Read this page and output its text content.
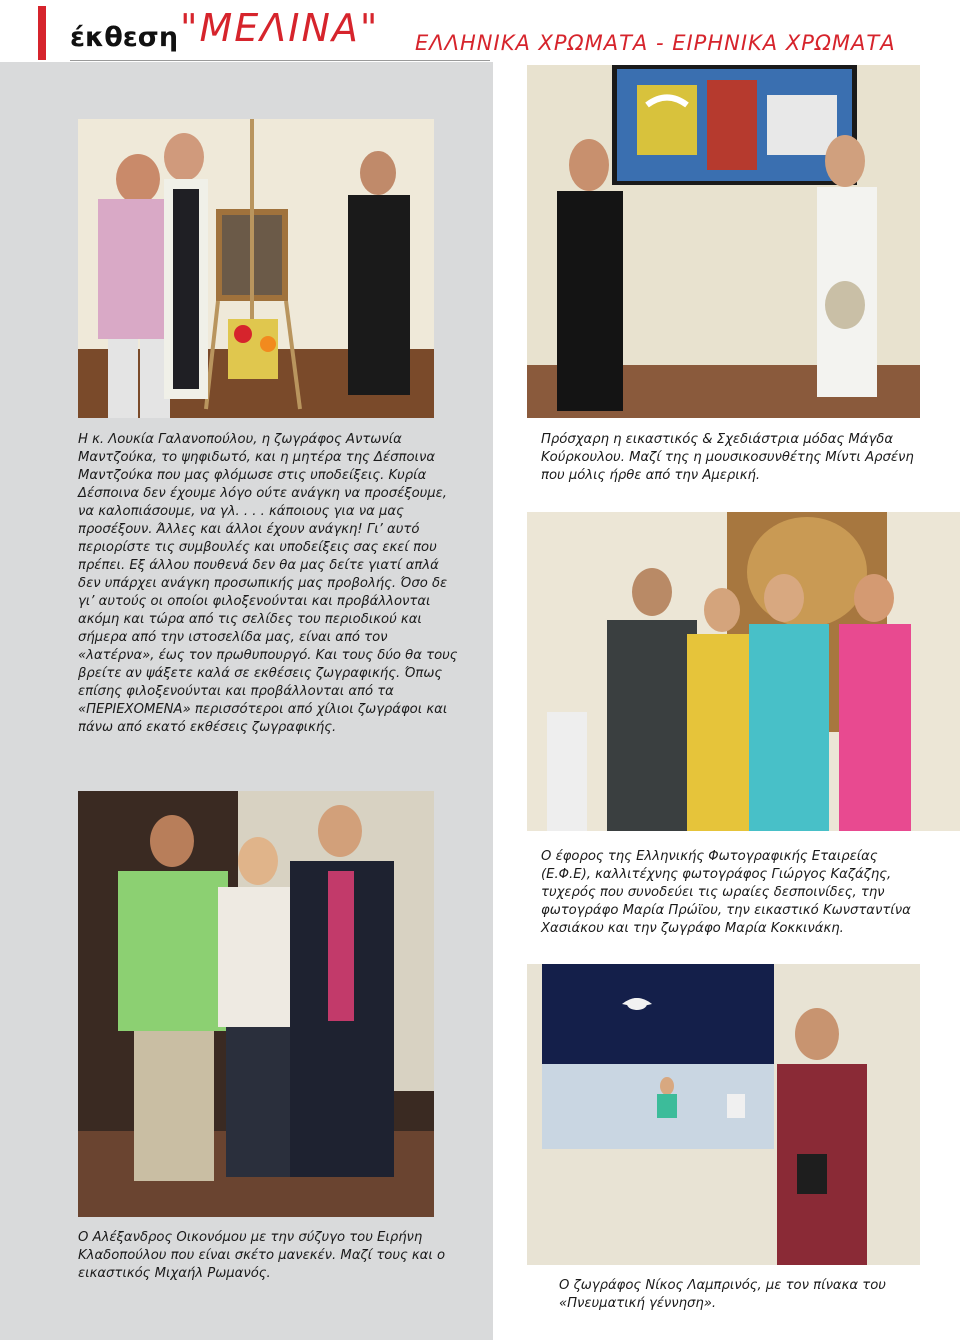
έκθεση "ΜΕΛΙΝΑ" ΕΛΛΗΝΙΚΑ ΧΡΩΜΑΤΑ - ΕΙΡΗΝΙΚΑ ΧΡΩΜΑΤΑ

Η κ. Λουκία Γαλανοπούλου, η ζωγράφος Αντωνία Μαντζούκα, το ψηφιδωτό, και η μητέρα της Δέσποινα Μαντζούκα που μας φλόμωσε στις υποδείξεις. Κυρία Δέσποινα δεν έχουμε λόγο ούτε ανάγκη να προσέξουμε, να καλοπιάσουμε, να γλ. . . . κάποιους για να μας προσέξουν. Άλλες και άλλοι έχουν ανάγκη! Γι’ αυτό περιορίστε τις συμβουλές και υποδείξεις σας εκεί που πρέπει. Εξ άλλου πουθενά δεν θα μας δείτε γιατί απλά δεν υπάρχει ανάγκη προσωπικής μας προβολής. Όσο δε γι’ αυτούς οι οποίοι φιλοξενούνται και προβάλλονται ακόμη και τώρα από τις σελίδες του περιοδικού και σήμερα από την ιστοσελίδα μας, είναι από τον «λατέρνα», έως τον πρωθυπουργό. Και τους δύο θα τους βρείτε αν ψάξετε καλά σε εκθέσεις ζωγραφικής. Όπως επίσης φιλοξενούνται και προβάλλονται από τα «ΠΕΡΙΕΧΟΜΕΝΑ» περισσότεροι από χίλιοι ζωγράφοι και πάνω από εκατό εκθέσεις ζωγραφικής.

Πρόσχαρη η εικαστικός & Σχεδιάστρια μόδας Μάγδα Κούρκουλου. Μαζί της η μουσικοσυνθέτης Μίντι Αρσένη που μόλις ήρθε από την Αμερική.

Ο έφορος της Ελληνικής Φωτογραφικής Εταιρείας (Ε.Φ.Ε), καλλιτέχνης φωτογράφος Γιώργος Καζάζης, τυχερός που συνοδεύει τις ωραίες δεσποινίδες, την φωτογράφο Μαρία Πρώϊου, την εικαστικό Κωνσταντίνα Χασιάκου και την ζωγράφο Μαρία Κοκκινάκη.

Ο Αλέξανδρος Οικονόμου με την σύζυγο του Ειρήνη Κλαδοπούλου που είναι σκέτο μανεκέν. Μαζί τους και ο εικαστικός Μιχαήλ Ρωμανός.

Ο ζωγράφος Νίκος Λαμπρινός, με τον πίνακα του «Πνευματική γέννηση».
